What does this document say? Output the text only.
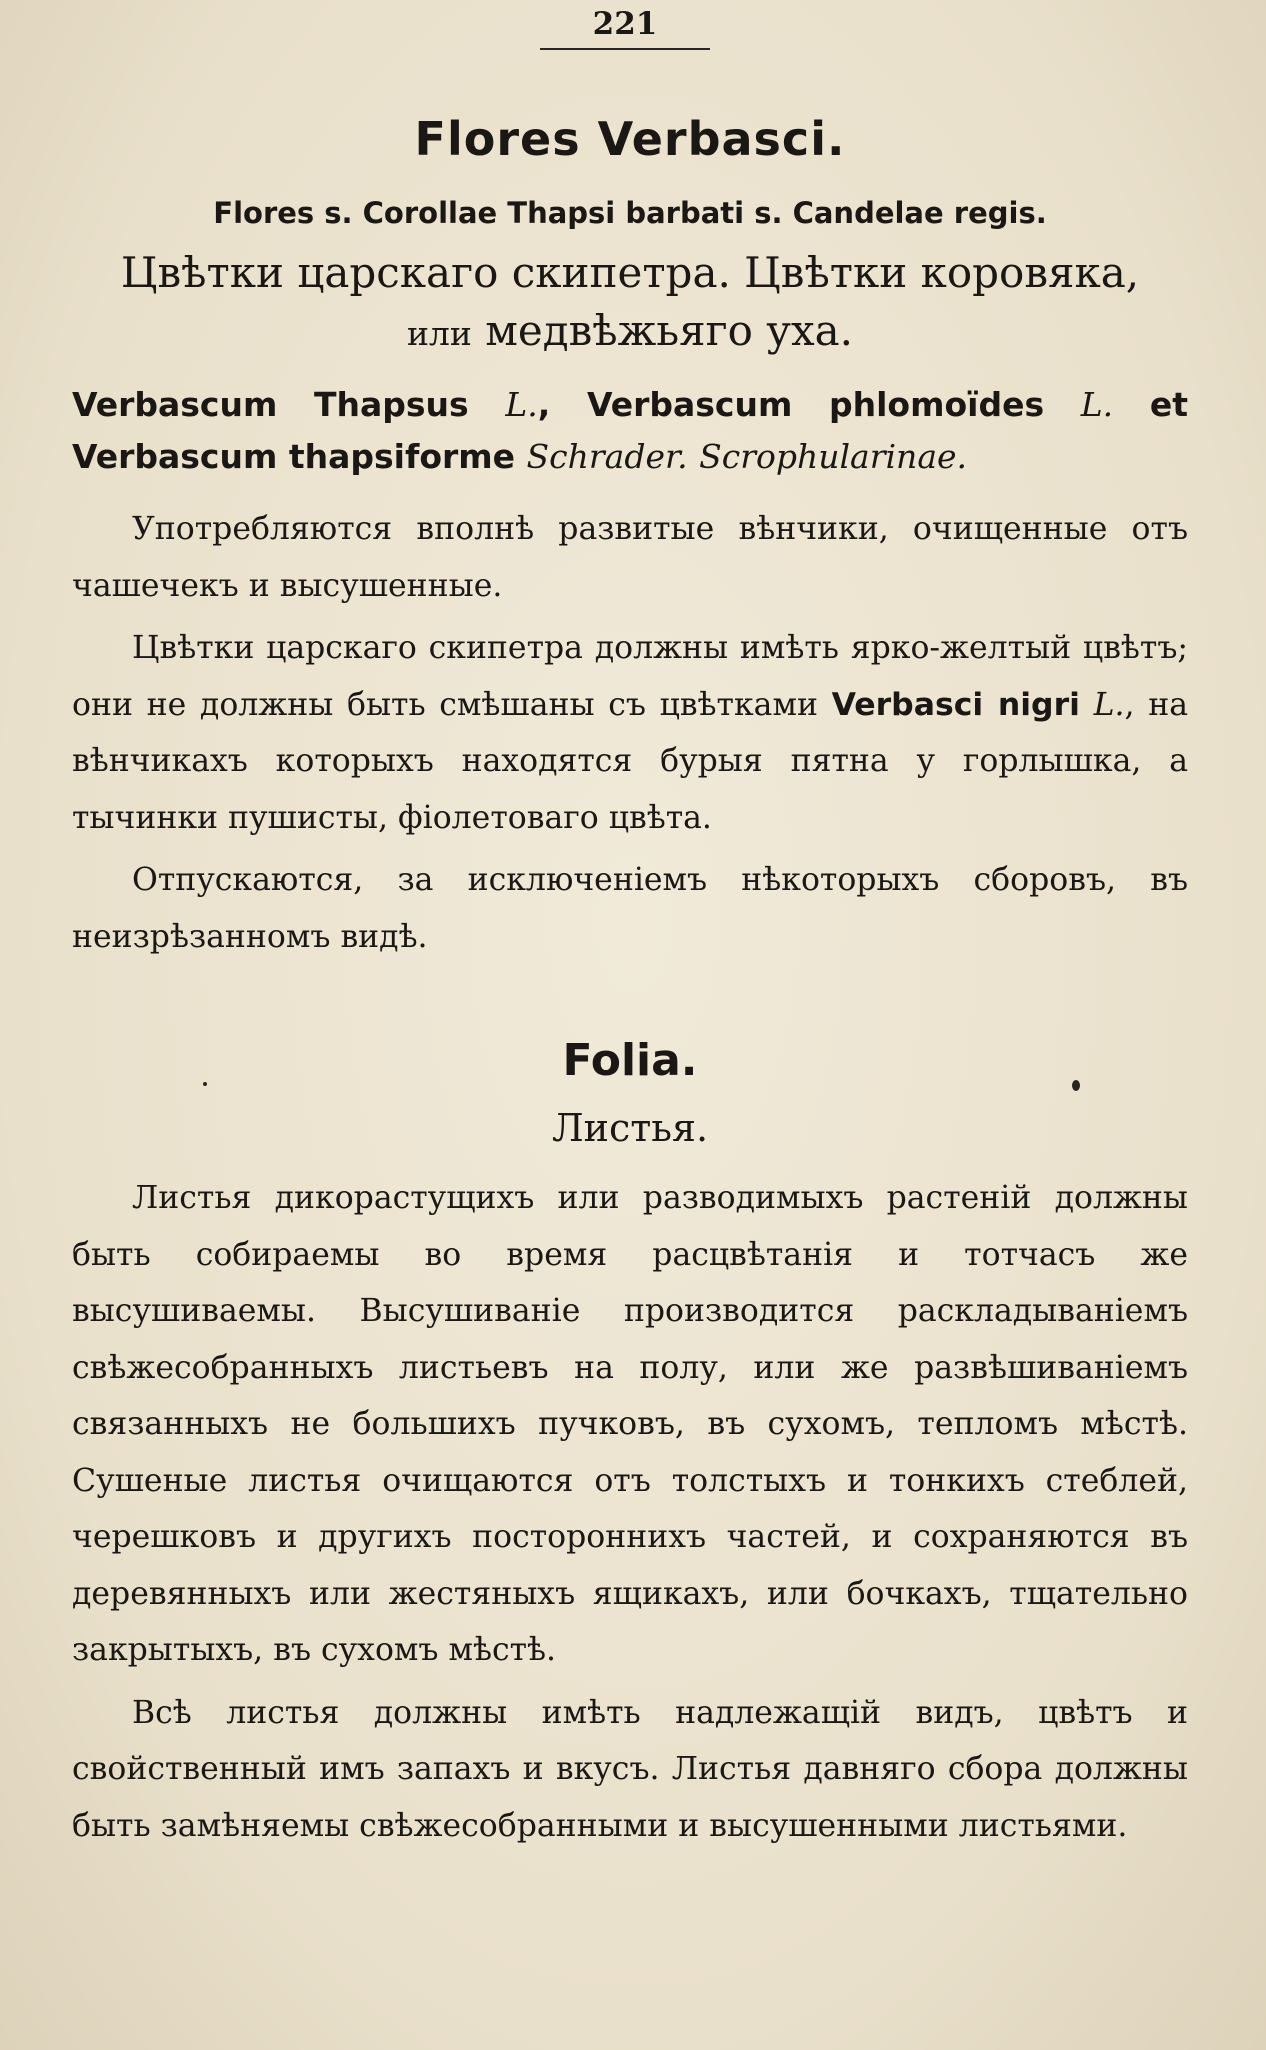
221
Flores Verbasci.
Flores s. Corollae Thapsi barbati s. Candelae regis.
Цвѣтки царскаго скипетра. Цвѣтки коровяка,
или медвѣжьяго уха.
Verbascum Thapsus L., Verbascum phlomoïdes L. et Verbascum thapsiforme Schrader. Scrophularinae.

Употребляются вполнѣ развитые вѣнчики, очищенные отъ чашечекъ и высушенные.

Цвѣтки царскаго скипетра должны имѣть ярко-желтый цвѣтъ; они не должны быть смѣшаны съ цвѣтками Verbasci nigri L., на вѣнчикахъ которыхъ находятся бурыя пятна у горлышка, а тычинки пушисты, фіолетоваго цвѣта.

Отпускаются, за исключеніемъ нѣкоторыхъ сборовъ, въ неизрѣзанномъ видѣ.

Folia.
Листья.

Листья дикорастущихъ или разводимыхъ растеній должны быть собираемы во время расцвѣтанія и тотчасъ же высушиваемы. Высушиваніе производится раскладываніемъ свѣжесобранныхъ листьевъ на полу, или же развѣшиваніемъ связанныхъ не большихъ пучковъ, въ сухомъ, тепломъ мѣстѣ. Сушеные листья очищаются отъ толстыхъ и тонкихъ стеблей, черешковъ и другихъ постороннихъ частей, и сохраняются въ деревянныхъ или жестяныхъ ящикахъ, или бочкахъ, тщательно закрытыхъ, въ сухомъ мѣстѣ.

Всѣ листья должны имѣть надлежащій видъ, цвѣтъ и свойственный имъ запахъ и вкусъ. Листья давняго сбора должны быть замѣняемы свѣжесобранными и высушенными листьями.
